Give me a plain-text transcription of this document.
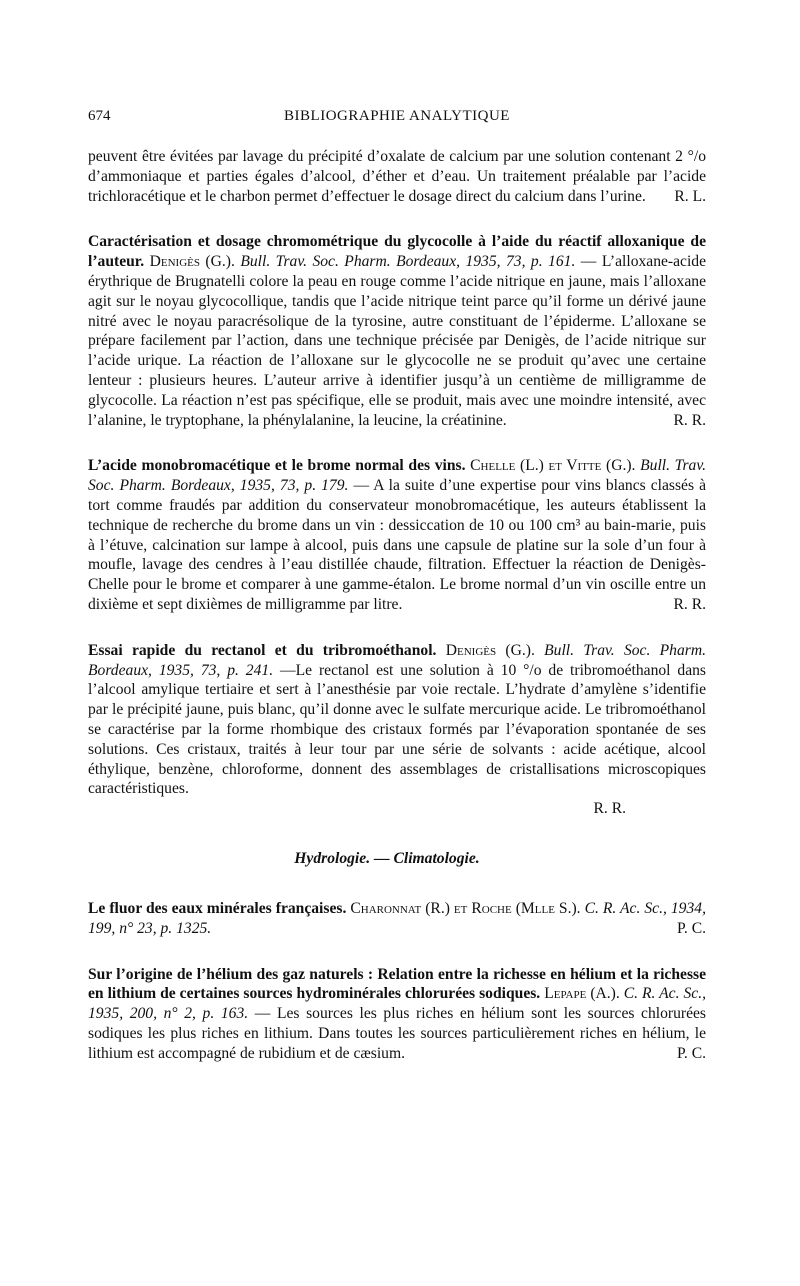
674	BIBLIOGRAPHIE ANALYTIQUE

peuvent être évitées par lavage du précipité d’oxalate de calcium par une solution contenant 2 °/o d’ammoniaque et parties égales d’alcool, d’éther et d’eau. Un traitement préalable par l’acide trichloracétique et le charbon permet d’effectuer le dosage direct du calcium dans l’urine.	R. L.

Caractérisation et dosage chromométrique du glycocolle à l’aide du réactif alloxanique de l’auteur. Denigès (G.). Bull. Trav. Soc. Pharm. Bordeaux, 1935, 73, p. 161. — L’alloxane-acide érythrique de Brugnatelli colore la peau en rouge comme l’acide nitrique en jaune, mais l’alloxane agit sur le noyau glycocollique, tandis que l’acide nitrique teint parce qu’il forme un dérivé jaune nitré avec le noyau paracrésolique de la tyrosine, autre constituant de l’épiderme. L’alloxane se prépare facilement par l’action, dans une technique précisée par Denigès, de l’acide nitrique sur l’acide urique. La réaction de l’alloxane sur le glycocolle ne se produit qu’avec une certaine lenteur : plusieurs heures. L’auteur arrive à identifier jusqu’à un centième de milligramme de glycocolle. La réaction n’est pas spécifique, elle se produit, mais avec une moindre intensité, avec l’alanine, le tryptophane, la phénylalanine, la leucine, la créatinine.	R. R.

L’acide monobromacétique et le brome normal des vins. Chelle (L.) et Vitte (G.). Bull. Trav. Soc. Pharm. Bordeaux, 1935, 73, p. 179. — A la suite d’une expertise pour vins blancs classés à tort comme fraudés par addition du conservateur monobromacétique, les auteurs établissent la technique de recherche du brome dans un vin : dessiccation de 10 ou 100 cm³ au bain-marie, puis à l’étuve, calcination sur lampe à alcool, puis dans une capsule de platine sur la sole d’un four à moufle, lavage des cendres à l’eau distillée chaude, filtration. Effectuer la réaction de Denigès-Chelle pour le brome et comparer à une gamme-étalon. Le brome normal d’un vin oscille entre un dixième et sept dixièmes de milligramme par litre.	R. R.

Essai rapide du rectanol et du tribromoéthanol. Denigès (G.). Bull. Trav. Soc. Pharm. Bordeaux, 1935, 73, p. 241. —Le rectanol est une solution à 10 °/o de tribromoéthanol dans l’alcool amylique tertiaire et sert à l’anesthésie par voie rectale. L’hydrate d’amylène s’identifie par le précipité jaune, puis blanc, qu’il donne avec le sulfate mercurique acide. Le tribromoéthanol se caractérise par la forme rhombique des cristaux formés par l’évaporation spontanée de ses solutions. Ces cristaux, traités à leur tour par une série de solvants : acide acétique, alcool éthylique, benzène, chloroforme, donnent des assemblages de cristallisations microscopiques caractéristiques.

R. R.
Hydrologie. — Climatologie.

Le fluor des eaux minérales françaises. Charonnat (R.) et Roche (Mlle S.). C. R. Ac. Sc., 1934, 199, n° 23, p. 1325.	P. C.

Sur l’origine de l’hélium des gaz naturels : Relation entre la richesse en hélium et la richesse en lithium de certaines sources hydrominérales chlorurées sodiques. Lepape (A.). C. R. Ac. Sc., 1935, 200, n° 2, p. 163. — Les sources les plus riches en hélium sont les sources chlorurées sodiques les plus riches en lithium. Dans toutes les sources particulièrement riches en hélium, le lithium est accompagné de rubidium et de cæsium.	P. C.
